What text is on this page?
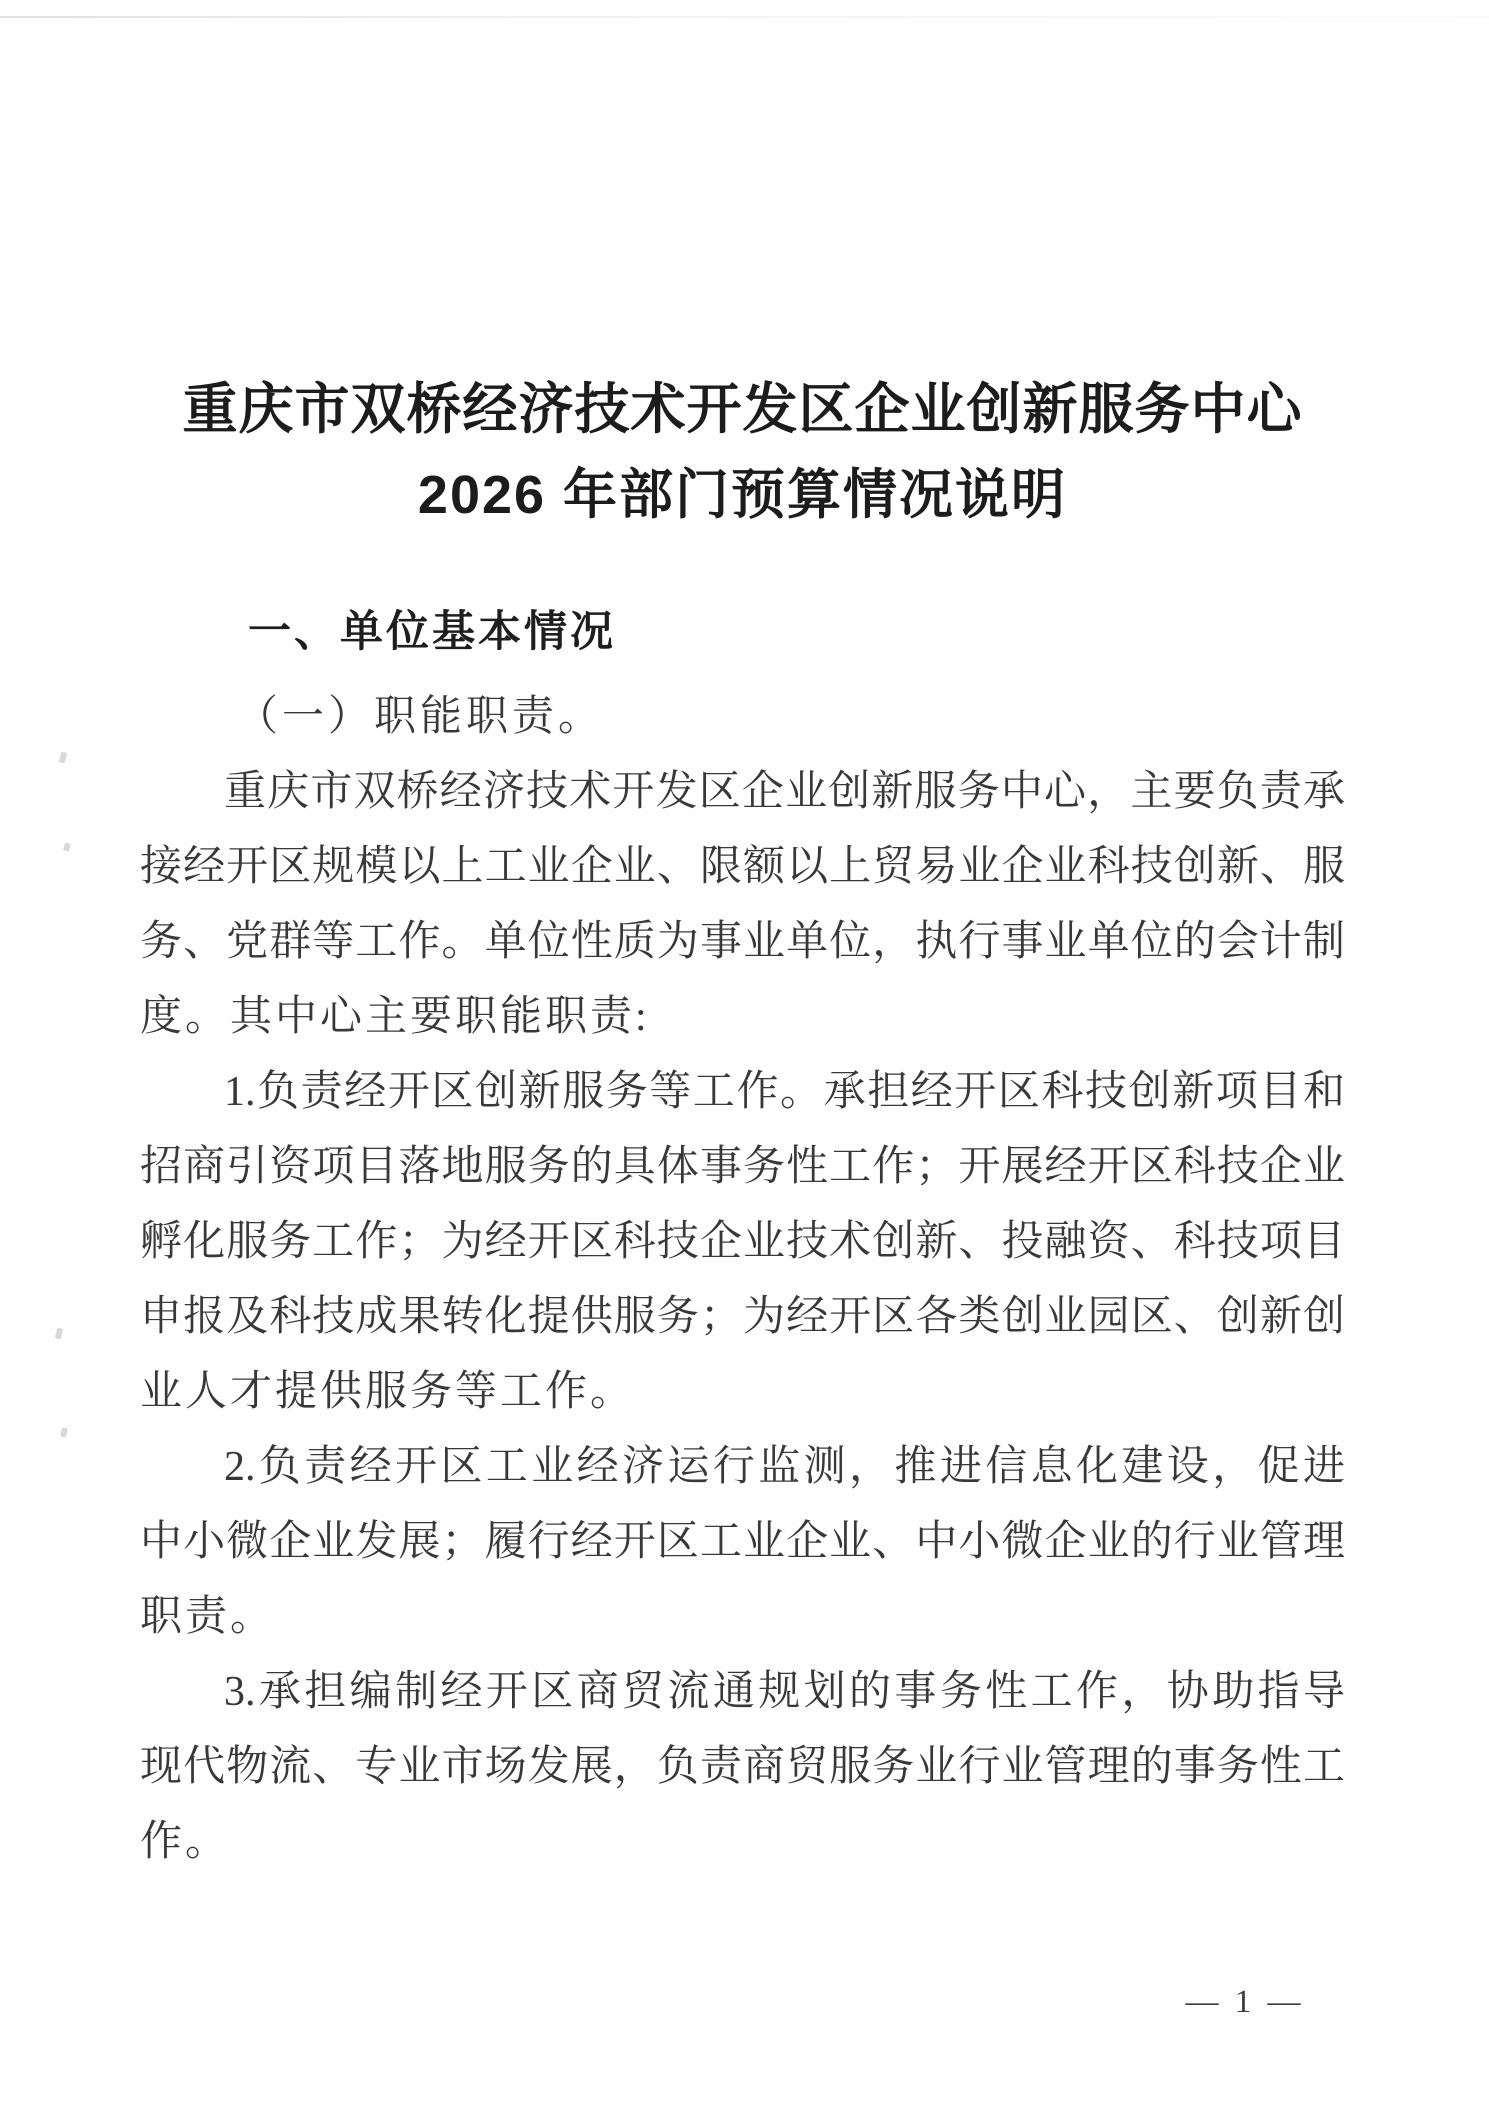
重庆市双桥经济技术开发区企业创新服务中心
2026 年部门预算情况说明
一、单位基本情况
（一）职能职责。
重庆市双桥经济技术开发区企业创新服务中心，主要负责承
接经开区规模以上工业企业、限额以上贸易业企业科技创新、服
务、党群等工作。单位性质为事业单位，执行事业单位的会计制
度。其中心主要职能职责:
1.负责经开区创新服务等工作。承担经开区科技创新项目和
招商引资项目落地服务的具体事务性工作；开展经开区科技企业
孵化服务工作；为经开区科技企业技术创新、投融资、科技项目
申报及科技成果转化提供服务；为经开区各类创业园区、创新创
业人才提供服务等工作。
2.负责经开区工业经济运行监测，推进信息化建设，促进
中小微企业发展；履行经开区工业企业、中小微企业的行业管理
职责。
3.承担编制经开区商贸流通规划的事务性工作，协助指导
现代物流、专业市场发展，负责商贸服务业行业管理的事务性工
作。
— 1 —
